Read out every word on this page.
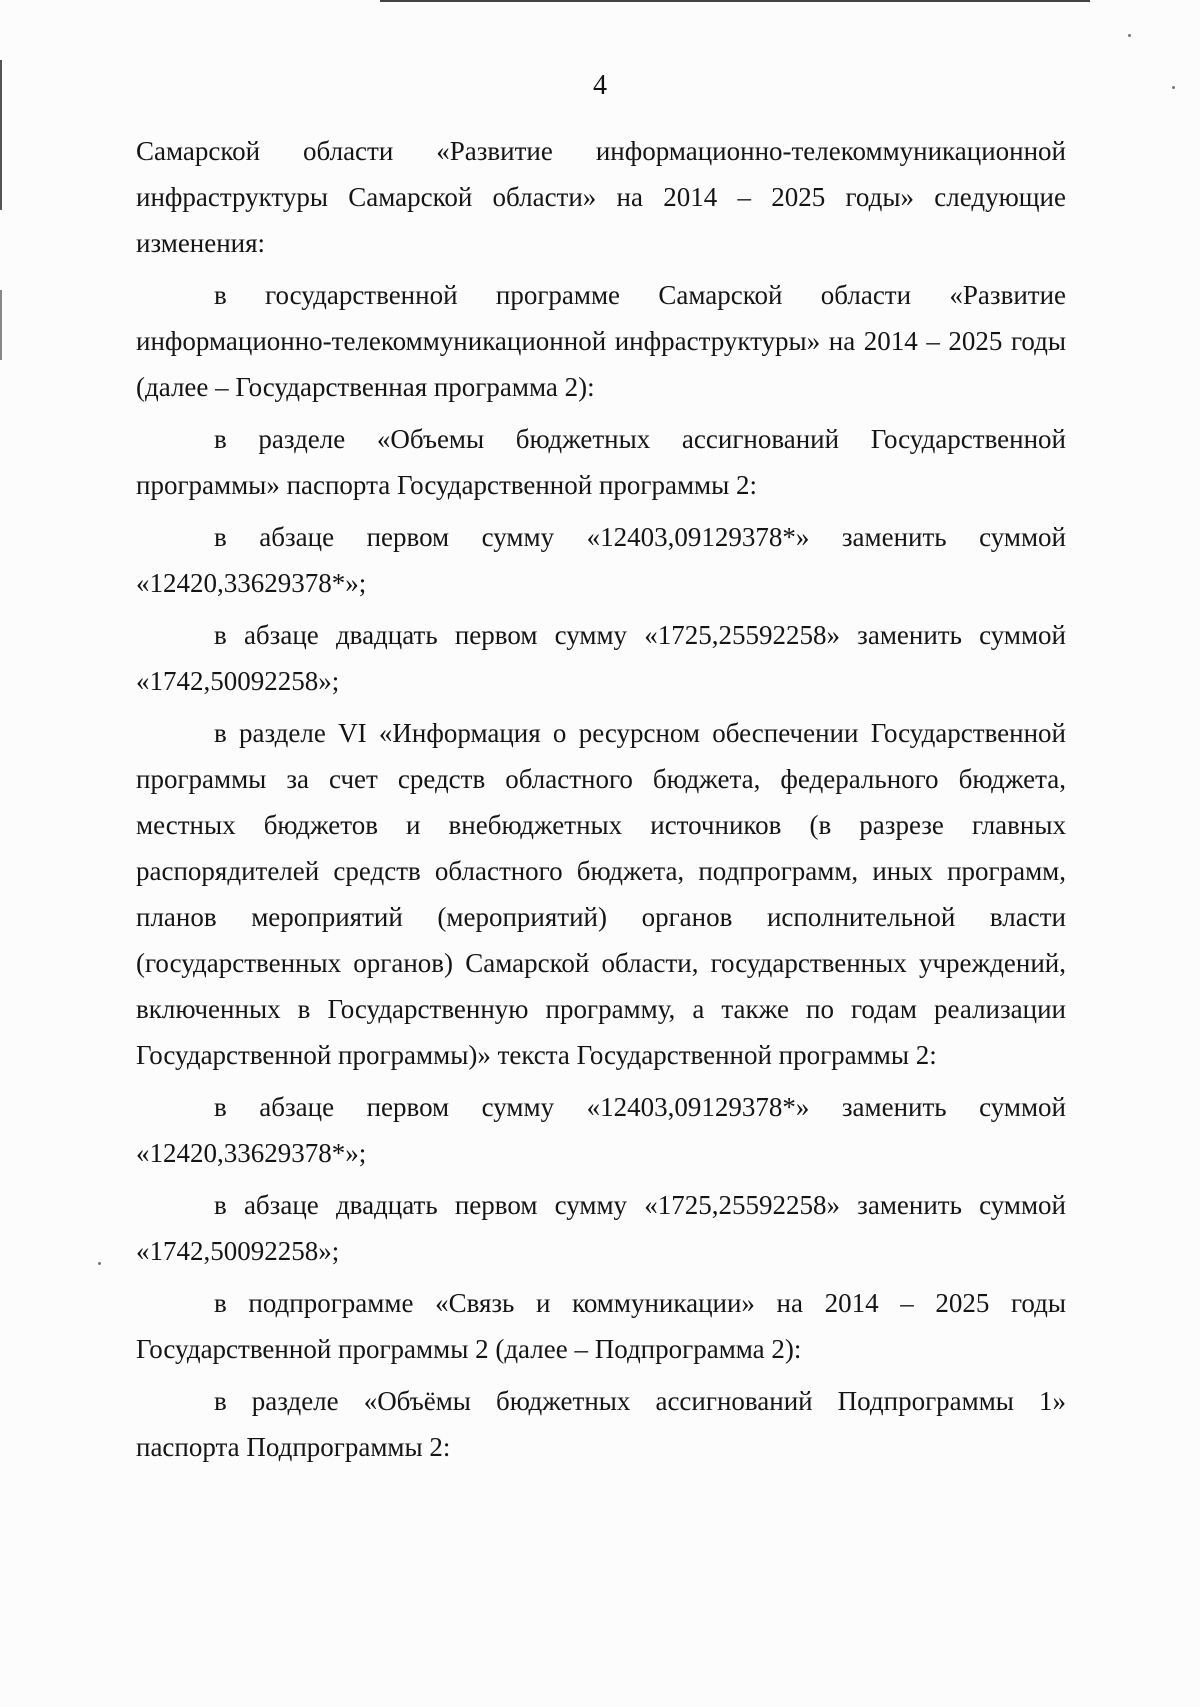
4

Самарской области «Развитие информационно-телекоммуникационной инфраструктуры Самарской области» на 2014 – 2025 годы» следующие изменения:

в государственной программе Самарской области «Развитие информационно-телекоммуникационной инфраструктуры» на 2014 – 2025 годы (далее – Государственная программа 2):

в разделе «Объемы бюджетных ассигнований Государственной программы» паспорта Государственной программы 2:

в абзаце первом сумму «12403,09129378*» заменить суммой «12420,33629378*»;

в абзаце двадцать первом сумму «1725,25592258» заменить суммой «1742,50092258»;

в разделе VI «Информация о ресурсном обеспечении Государственной программы за счет средств областного бюджета, федерального бюджета, местных бюджетов и внебюджетных источников (в разрезе главных распорядителей средств областного бюджета, подпрограмм, иных программ, планов мероприятий (мероприятий) органов исполнительной власти (государственных органов) Самарской области, государственных учреждений, включенных в Государственную программу, а также по годам реализации Государственной программы)» текста Государственной программы 2:

в абзаце первом сумму «12403,09129378*» заменить суммой «12420,33629378*»;

в абзаце двадцать первом сумму «1725,25592258» заменить суммой «1742,50092258»;

в подпрограмме «Связь и коммуникации» на 2014 – 2025 годы Государственной программы 2 (далее – Подпрограмма 2):

в разделе «Объёмы бюджетных ассигнований Подпрограммы 1» паспорта Подпрограммы 2:
